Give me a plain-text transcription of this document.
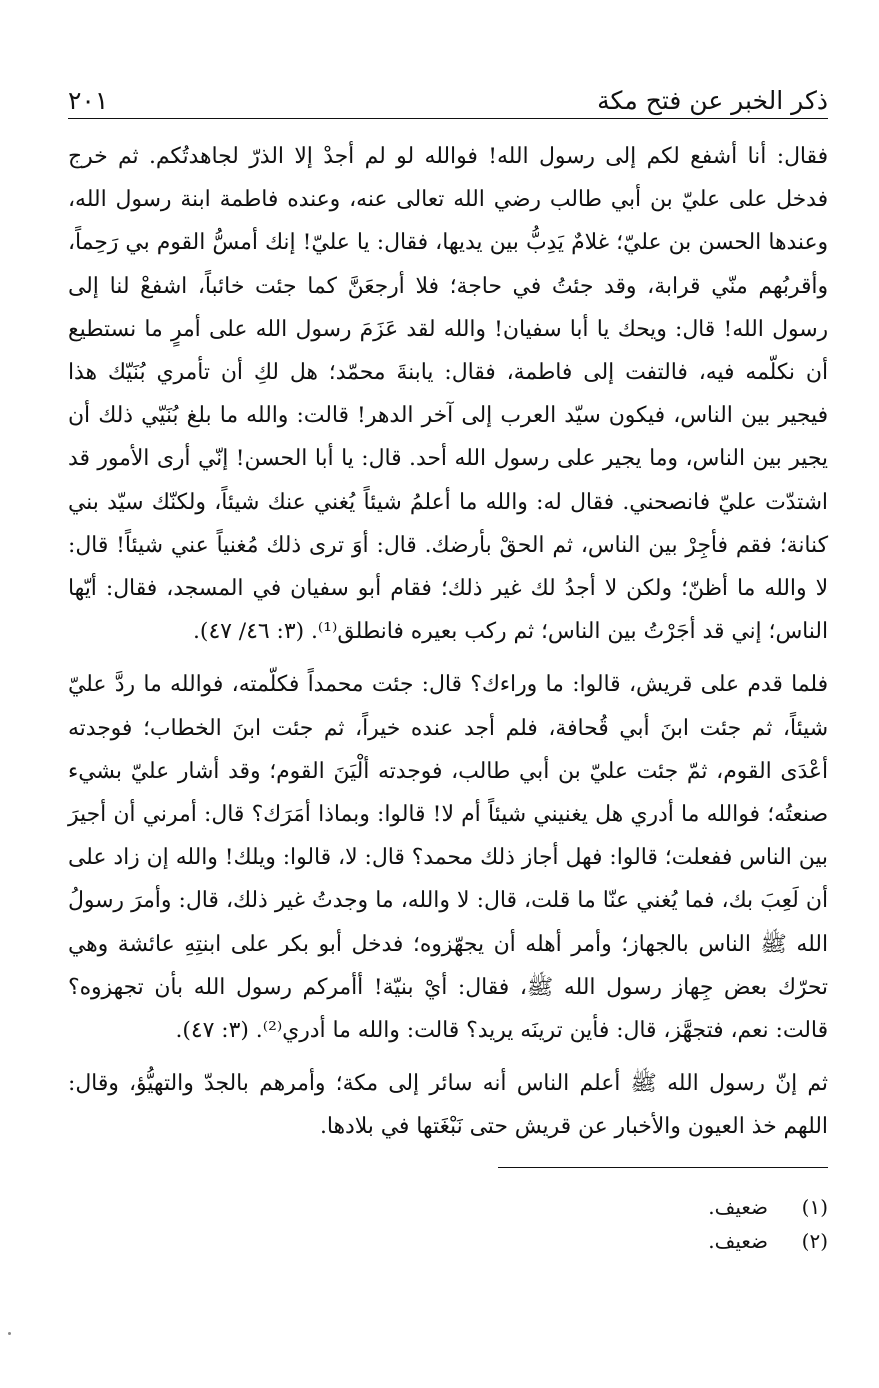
ذكر الخبر عن فتح مكة
٢٠١

فقال: أنا أشفع لكم إلى رسول الله! فوالله لو لم أجدْ إلا الذرّ لجاهدتُكم. ثم خرج فدخل على عليّ بن أبي طالب رضي الله تعالى عنه، وعنده فاطمة ابنة رسول الله، وعندها الحسن بن عليّ؛ غلامٌ يَدِبُّ بين يديها، فقال: يا عليّ! إنك أمسُّ القوم بي رَحِماً، وأقربُهم منّي قرابة، وقد جئتُ في حاجة؛ فلا أرجعَنَّ كما جئت خائباً، اشفعْ لنا إلى رسول الله! قال: ويحك يا أبا سفيان! والله لقد عَزَمَ رسول الله على أمرٍ ما نستطيع أن نكلّمه فيه، فالتفت إلى فاطمة، فقال: يابنةَ محمّد؛ هل لكِ أن تأمري بُنَيّك هذا فيجير بين الناس، فيكون سيّد العرب إلى آخر الدهر! قالت: والله ما بلغ بُنَيّي ذلك أن يجير بين الناس، وما يجير على رسول الله أحد. قال: يا أبا الحسن! إنّي أرى الأمور قد اشتدّت عليّ فانصحني. فقال له: والله ما أعلمُ شيئاً يُغني عنك شيئاً، ولكنّك سيّد بني كنانة؛ فقم فأجِرْ بين الناس، ثم الحقْ بأرضك. قال: أوَ ترى ذلك مُغنياً عني شيئاً! قال: لا والله ما أظنّ؛ ولكن لا أجدُ لك غير ذلك؛ فقام أبو سفيان في المسجد، فقال: أيّها الناس؛ إني قد أجَرْتُ بين الناس؛ ثم ركب بعيره فانطلق⁽¹⁾. (٣: ٤٦/ ٤٧).

فلما قدم على قريش، قالوا: ما وراءك؟ قال: جئت محمداً فكلّمته، فوالله ما ردَّ عليّ شيئاً، ثم جئت ابنَ أبي قُحافة، فلم أجد عنده خيراً، ثم جئت ابنَ الخطاب؛ فوجدته أعْدَى القوم، ثمّ جئت عليّ بن أبي طالب، فوجدته ألْيَنَ القوم؛ وقد أشار عليّ بشيء صنعتُه؛ فوالله ما أدري هل يغنيني شيئاً أم لا! قالوا: وبماذا أمَرَك؟ قال: أمرني أن أجيرَ بين الناس ففعلت؛ قالوا: فهل أجاز ذلك محمد؟ قال: لا، قالوا: ويلك! والله إن زاد على أن لَعِبَ بك، فما يُغني عنّا ما قلت، قال: لا والله، ما وجدتُ غير ذلك، قال: وأمرَ رسولُ الله ﷺ الناس بالجهاز؛ وأمر أهله أن يجهّزوه؛ فدخل أبو بكر على ابنتِهِ عائشة وهي تحرّك بعض جِهاز رسول الله ﷺ، فقال: أيْ بنيّة! أأمركم رسول الله بأن تجهزوه؟ قالت: نعم، فتجهَّز، قال: فأين ترينَه يريد؟ قالت: والله ما أدري⁽²⁾. (٣: ٤٧).

ثم إنّ رسول الله ﷺ أعلم الناس أنه سائر إلى مكة؛ وأمرهم بالجدّ والتهيُّؤ، وقال: اللهم خذ العيون والأخبار عن قريش حتى نَبْغَتها في بلادها.

(١)
ضعيف.
(٢)
ضعيف.
